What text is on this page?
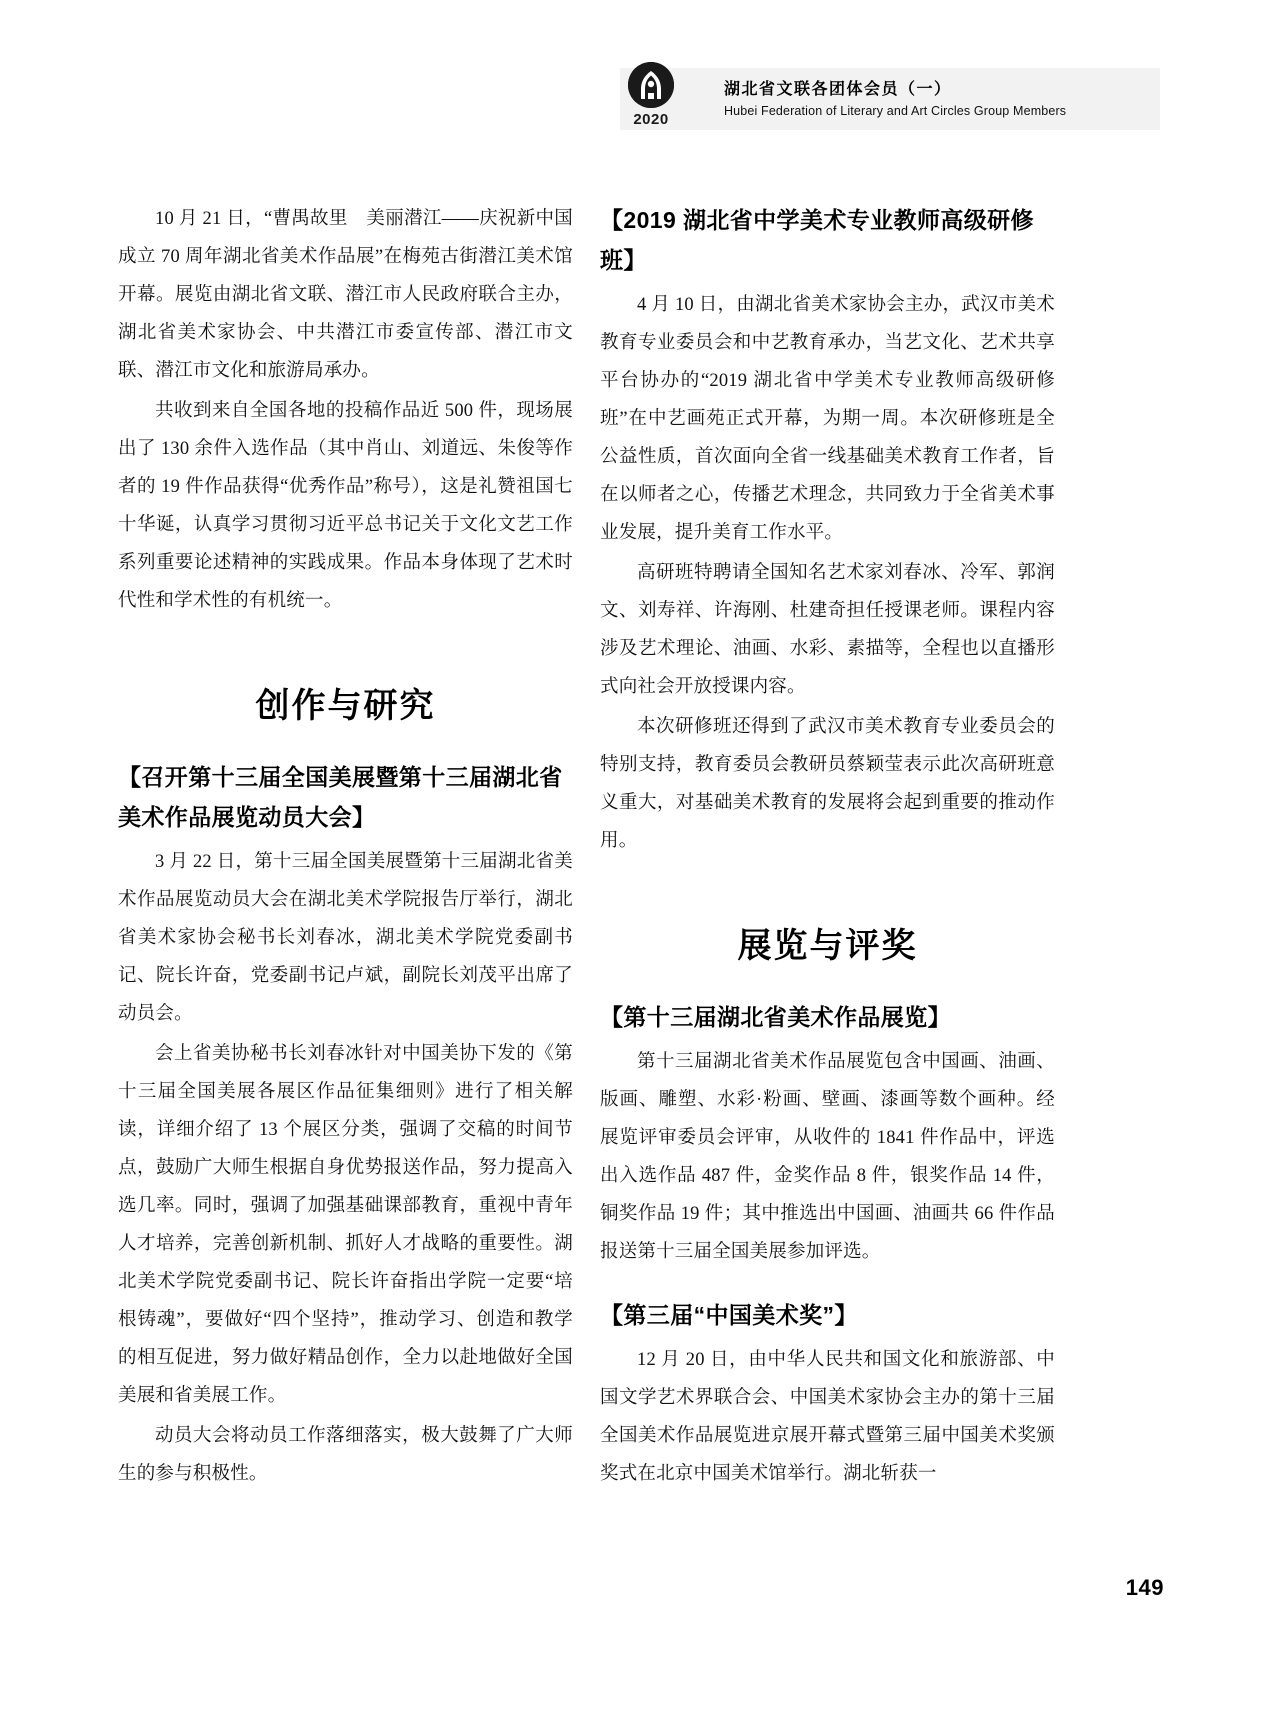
湖北省文联各团体会员（一）
Hubei Federation of Literary and Art Circles Group Members
2020

10 月 21 日，“曹禺故里　美丽潜江——庆祝新中国成立 70 周年湖北省美术作品展”在梅苑古街潜江美术馆开幕。展览由湖北省文联、潜江市人民政府联合主办，湖北省美术家协会、中共潜江市委宣传部、潜江市文联、潜江市文化和旅游局承办。

共收到来自全国各地的投稿作品近 500 件，现场展出了 130 余件入选作品（其中肖山、刘道远、朱俊等作者的 19 件作品获得“优秀作品”称号），这是礼赞祖国七十华诞，认真学习贯彻习近平总书记关于文化文艺工作系列重要论述精神的实践成果。作品本身体现了艺术时代性和学术性的有机统一。

创作与研究
【召开第十三届全国美展暨第十三届湖北省美术作品展览动员大会】

3 月 22 日，第十三届全国美展暨第十三届湖北省美术作品展览动员大会在湖北美术学院报告厅举行，湖北省美术家协会秘书长刘春冰，湖北美术学院党委副书记、院长许奋，党委副书记卢斌，副院长刘茂平出席了动员会。

会上省美协秘书长刘春冰针对中国美协下发的《第十三届全国美展各展区作品征集细则》进行了相关解读，详细介绍了 13 个展区分类，强调了交稿的时间节点，鼓励广大师生根据自身优势报送作品，努力提高入选几率。同时，强调了加强基础课部教育，重视中青年人才培养，完善创新机制、抓好人才战略的重要性。湖北美术学院党委副书记、院长许奋指出学院一定要“培根铸魂”，要做好“四个坚持”，推动学习、创造和教学的相互促进，努力做好精品创作，全力以赴地做好全国美展和省美展工作。

动员大会将动员工作落细落实，极大鼓舞了广大师生的参与积极性。

【2019 湖北省中学美术专业教师高级研修班】

4 月 10 日，由湖北省美术家协会主办，武汉市美术教育专业委员会和中艺教育承办，当艺文化、艺术共享平台协办的“2019 湖北省中学美术专业教师高级研修班”在中艺画苑正式开幕，为期一周。本次研修班是全公益性质，首次面向全省一线基础美术教育工作者，旨在以师者之心，传播艺术理念，共同致力于全省美术事业发展，提升美育工作水平。

高研班特聘请全国知名艺术家刘春冰、冷军、郭润文、刘寿祥、许海刚、杜建奇担任授课老师。课程内容涉及艺术理论、油画、水彩、素描等，全程也以直播形式向社会开放授课内容。

本次研修班还得到了武汉市美术教育专业委员会的特别支持，教育委员会教研员蔡颖莹表示此次高研班意义重大，对基础美术教育的发展将会起到重要的推动作用。

展览与评奖
【第十三届湖北省美术作品展览】

第十三届湖北省美术作品展览包含中国画、油画、版画、雕塑、水彩·粉画、壁画、漆画等数个画种。经展览评审委员会评审，从收件的 1841 件作品中，评选出入选作品 487 件，金奖作品 8 件，银奖作品 14 件，铜奖作品 19 件；其中推选出中国画、油画共 66 件作品报送第十三届全国美展参加评选。

【第三届“中国美术奖”】

12 月 20 日，由中华人民共和国文化和旅游部、中国文学艺术界联合会、中国美术家协会主办的第十三届全国美术作品展览进京展开幕式暨第三届中国美术奖颁奖式在北京中国美术馆举行。湖北斩获一

149
